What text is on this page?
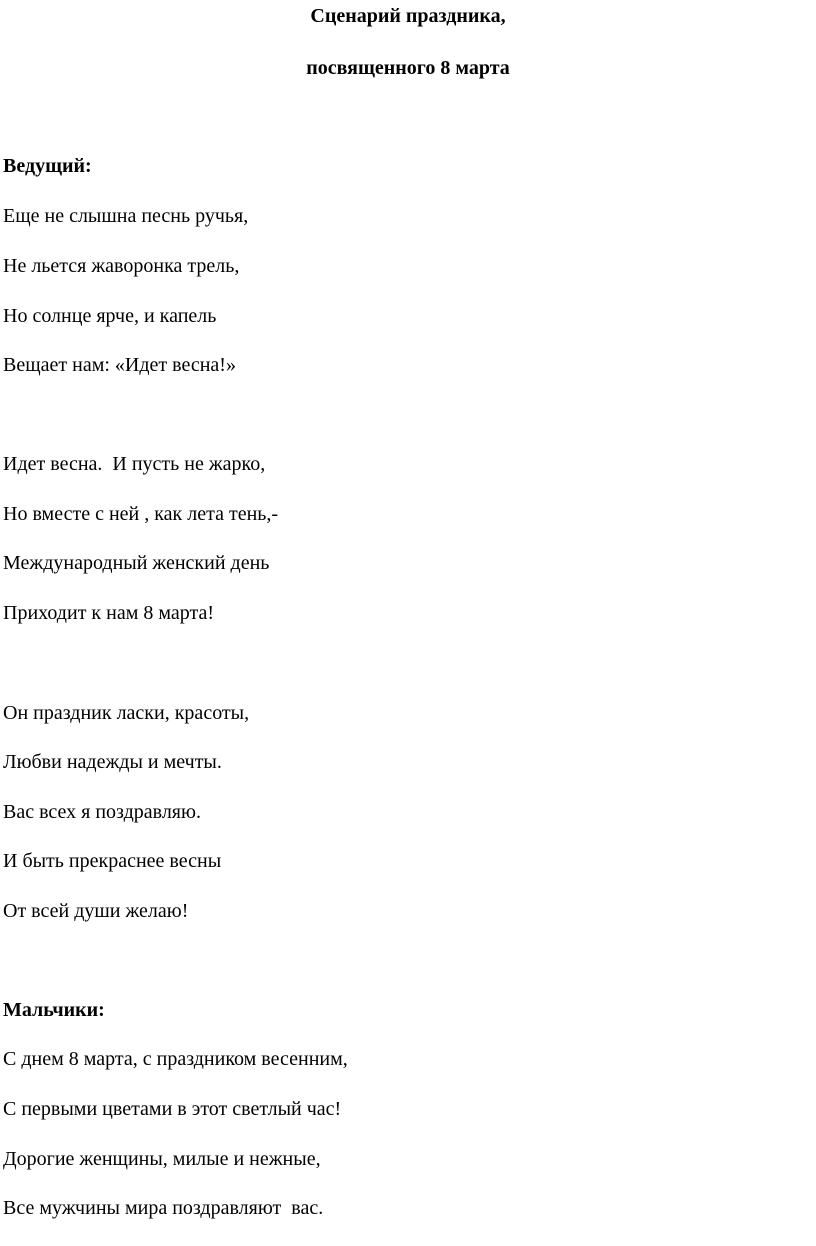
Сценарий праздника,
посвященного 8 марта
Ведущий:
Еще не слышна песнь ручья,
Не льется жаворонка трель,
Но солнце ярче, и капель
Вещает нам: «Идет весна!»
Идет весна.  И пусть не жарко,
Но вместе с ней , как лета тень,-
Международный женский день
Приходит к нам 8 марта!
Он праздник ласки, красоты,
Любви надежды и мечты.
Вас всех я поздравляю.
И быть прекраснее весны
От всей души желаю!
Мальчики:
С днем 8 марта, с праздником весенним,
С первыми цветами в этот светлый час!
Дорогие женщины, милые и нежные,
Все мужчины мира поздравляют  вас.
